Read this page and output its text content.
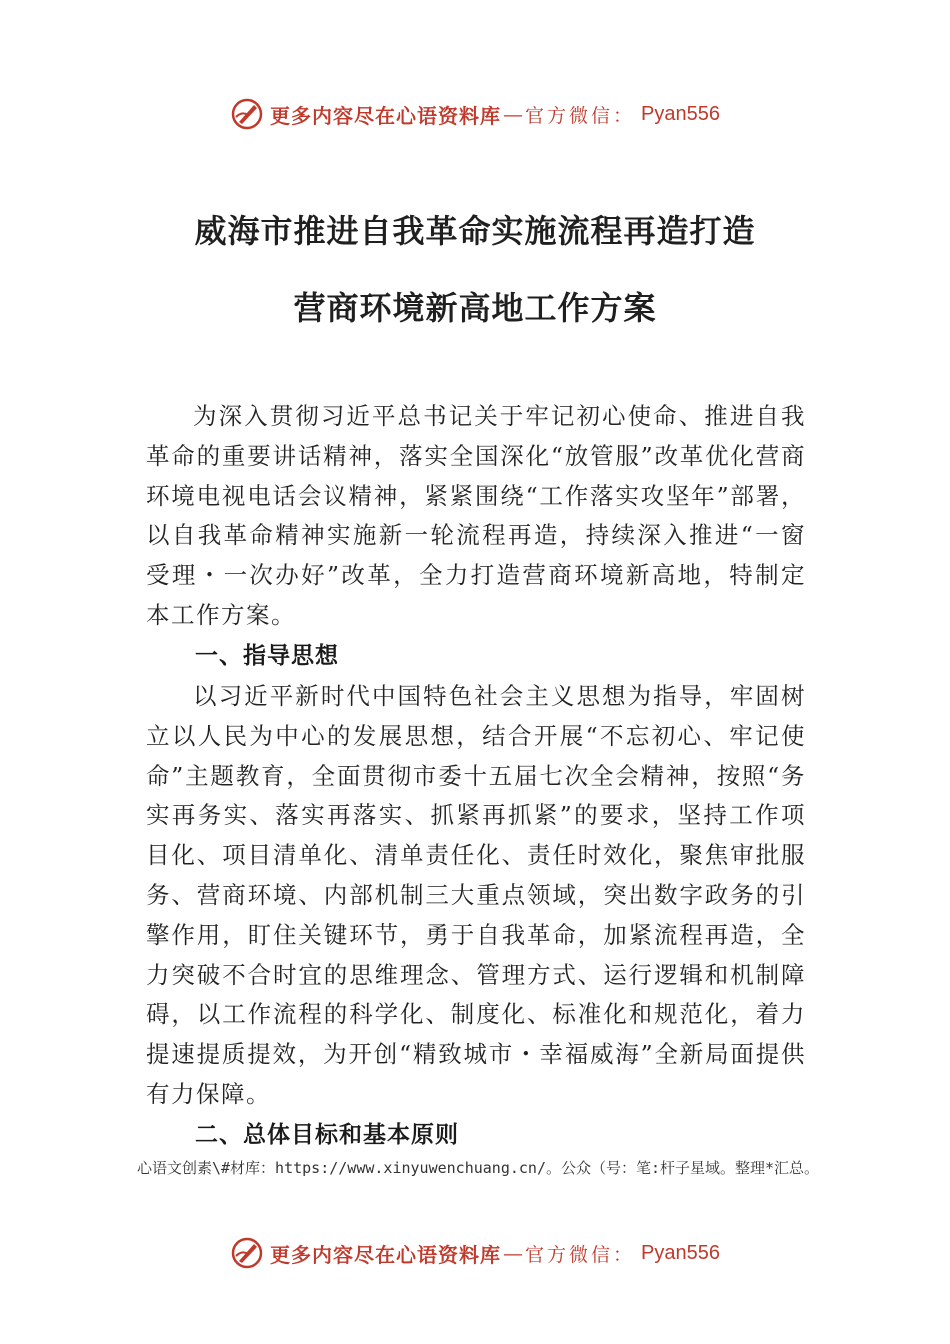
更多内容尽在心语资料库 — 官方微信： Pyan556
威海市推进自我革命实施流程再造打造
营商环境新高地工作方案
为深入贯彻习近平总书记关于牢记初心使命、推进自我革命的重要讲话精神，落实全国深化“放管服”改革优化营商环境电视电话会议精神，紧紧围绕“工作落实攻坚年”部署，以自我革命精神实施新一轮流程再造，持续深入推进“一窗受理・一次办好”改革，全力打造营商环境新高地，特制定本工作方案。
一、指导思想
以习近平新时代中国特色社会主义思想为指导，牢固树立以人民为中心的发展思想，结合开展“不忘初心、牢记使命”主题教育，全面贯彻市委十五届七次全会精神，按照“务实再务实、落实再落实、抓紧再抓紧”的要求，坚持工作项目化、项目清单化、清单责任化、责任时效化，聚焦审批服务、营商环境、内部机制三大重点领域，突出数字政务的引擎作用，盯住关键环节，勇于自我革命，加紧流程再造，全力突破不合时宜的思维理念、管理方式、运行逻辑和机制障碍，以工作流程的科学化、制度化、标准化和规范化，着力提速提质提效，为开创“精致城市・幸福威海”全新局面提供有力保障。
二、总体目标和基本原则
心语文创素\#材库：https://www.xinyuwenchuang.cn/。公众（号：笔:杆子星域。整理*汇总。
更多内容尽在心语资料库 — 官方微信： Pyan556
